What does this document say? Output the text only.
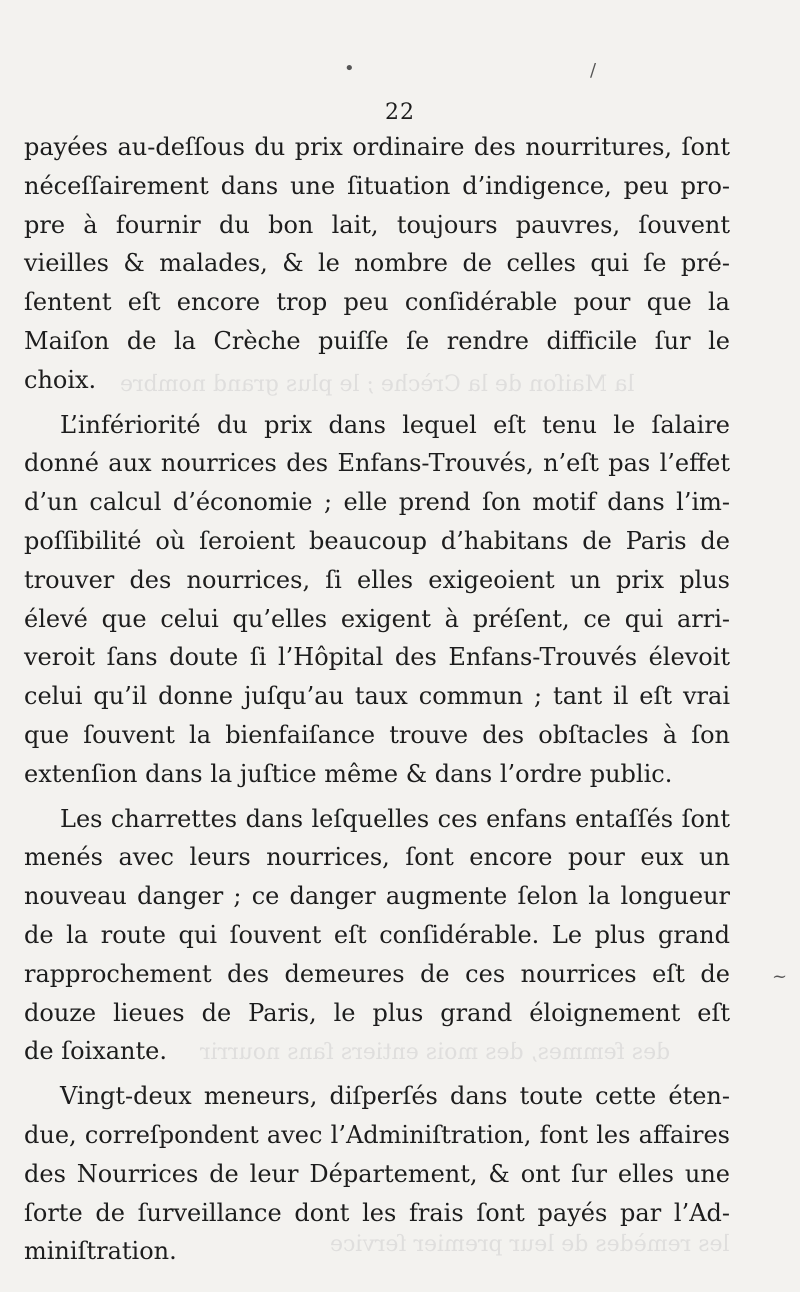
•	/
~
la Maiſon de la Crèche ; le plus grand nombre
des femmes, des mois entiers ſans nourrir
les remèdes de leur premier ſervice
22
payées au-deſſous du prix ordinaire des nourritures, ſont
néceſſairement dans une ſituation d’indigence, peu pro-
pre à fournir du bon lait, toujours pauvres, ſouvent
vieilles & malades, & le nombre de celles qui ſe pré-
ſentent eſt encore trop peu conſidérable pour que la
Maiſon de la Crèche puiſſe ſe rendre difficile ſur le
choix.
L’infériorité du prix dans lequel eſt tenu le ſalaire
donné aux nourrices des Enfans-Trouvés, n’eſt pas l’effet
d’un calcul d’économie ; elle prend ſon motif dans l’im-
poſſibilité où ſeroient beaucoup d’habitans de Paris de
trouver des nourrices, ſi elles exigeoient un prix plus
élevé que celui qu’elles exigent à préſent, ce qui arri-
veroit ſans doute ſi l’Hôpital des Enfans-Trouvés élevoit
celui qu’il donne juſqu’au taux commun ; tant il eſt vrai
que ſouvent la bienfaiſance trouve des obſtacles à ſon
extenſion dans la juſtice même & dans l’ordre public.
Les charrettes dans leſquelles ces enfans entaſſés ſont
menés avec leurs nourrices, ſont encore pour eux un
nouveau danger ; ce danger augmente ſelon la longueur
de la route qui ſouvent eſt conſidérable. Le plus grand
rapprochement des demeures de ces nourrices eſt de
douze lieues de Paris, le plus grand éloignement eſt
de ſoixante.
Vingt-deux meneurs, diſperſés dans toute cette éten-
due, correſpondent avec l’Adminiſtration, font les affaires
des Nourrices de leur Département, & ont ſur elles une
ſorte de ſurveillance dont les frais ſont payés par l’Ad-
miniſtration.
